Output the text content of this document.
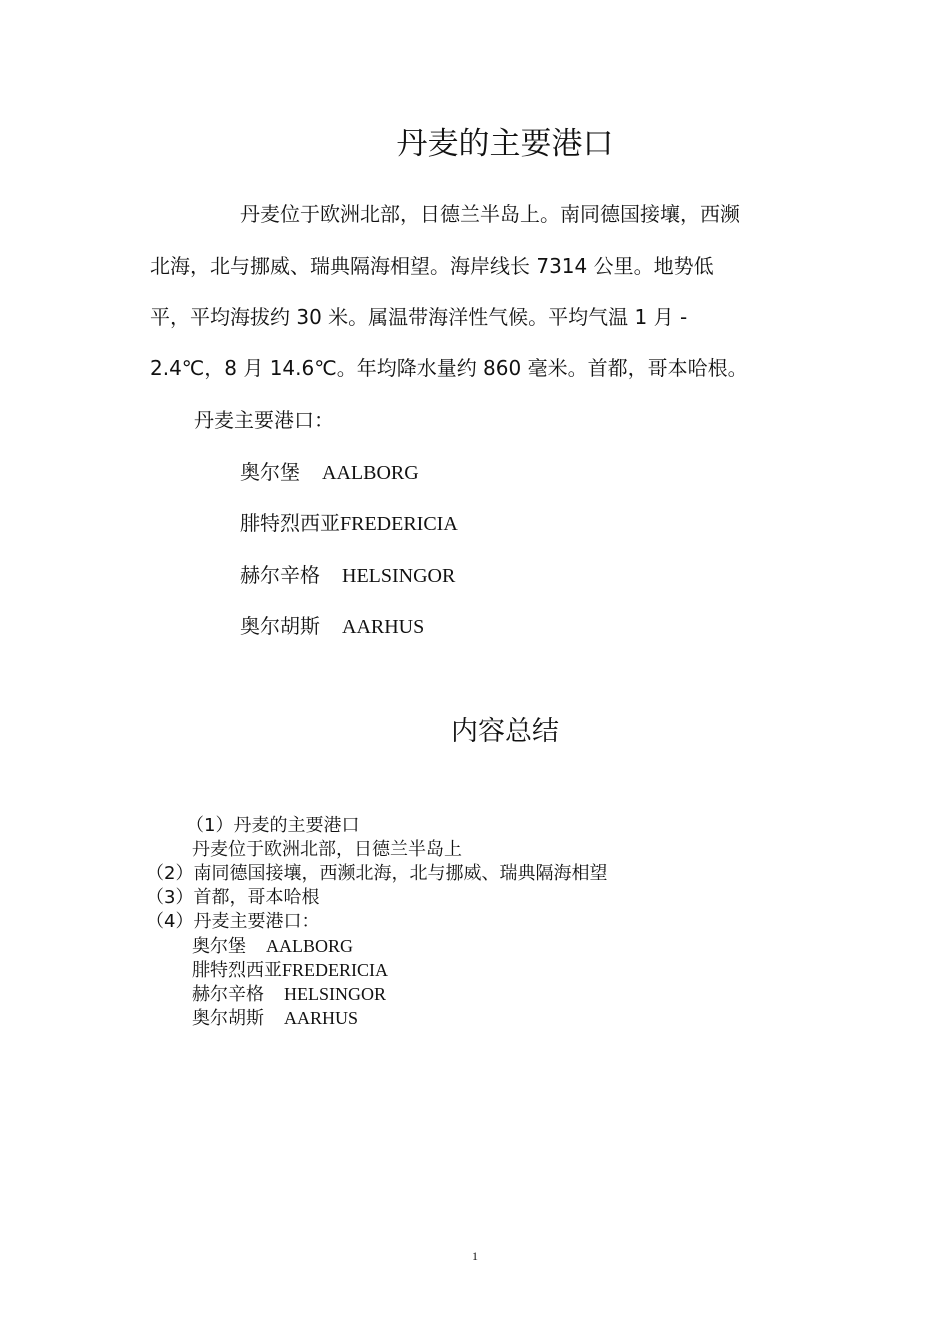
丹麦的主要港口
丹麦位于欧洲北部，日德兰半岛上。南同德国接壤，西濒
北海，北与挪威、瑞典隔海相望。海岸线长 7314 公里。地势低
平，平均海拔约 30 米。属温带海洋性气候。平均气温 1 月 -
2.4℃，8 月 14.6℃。年均降水量约 860 毫米。首都，哥本哈根。
丹麦主要港口：
奥尔堡 AALBORG
腓特烈西亚FREDERICIA
赫尔辛格 HELSINGOR
奥尔胡斯 AARHUS
内容总结
（1）丹麦的主要港口
丹麦位于欧洲北部，日德兰半岛上
（2）南同德国接壤，西濒北海，北与挪威、瑞典隔海相望
（3）首都，哥本哈根
（4）丹麦主要港口：
奥尔堡 AALBORG
腓特烈西亚FREDERICIA
赫尔辛格 HELSINGOR
奥尔胡斯 AARHUS
1
